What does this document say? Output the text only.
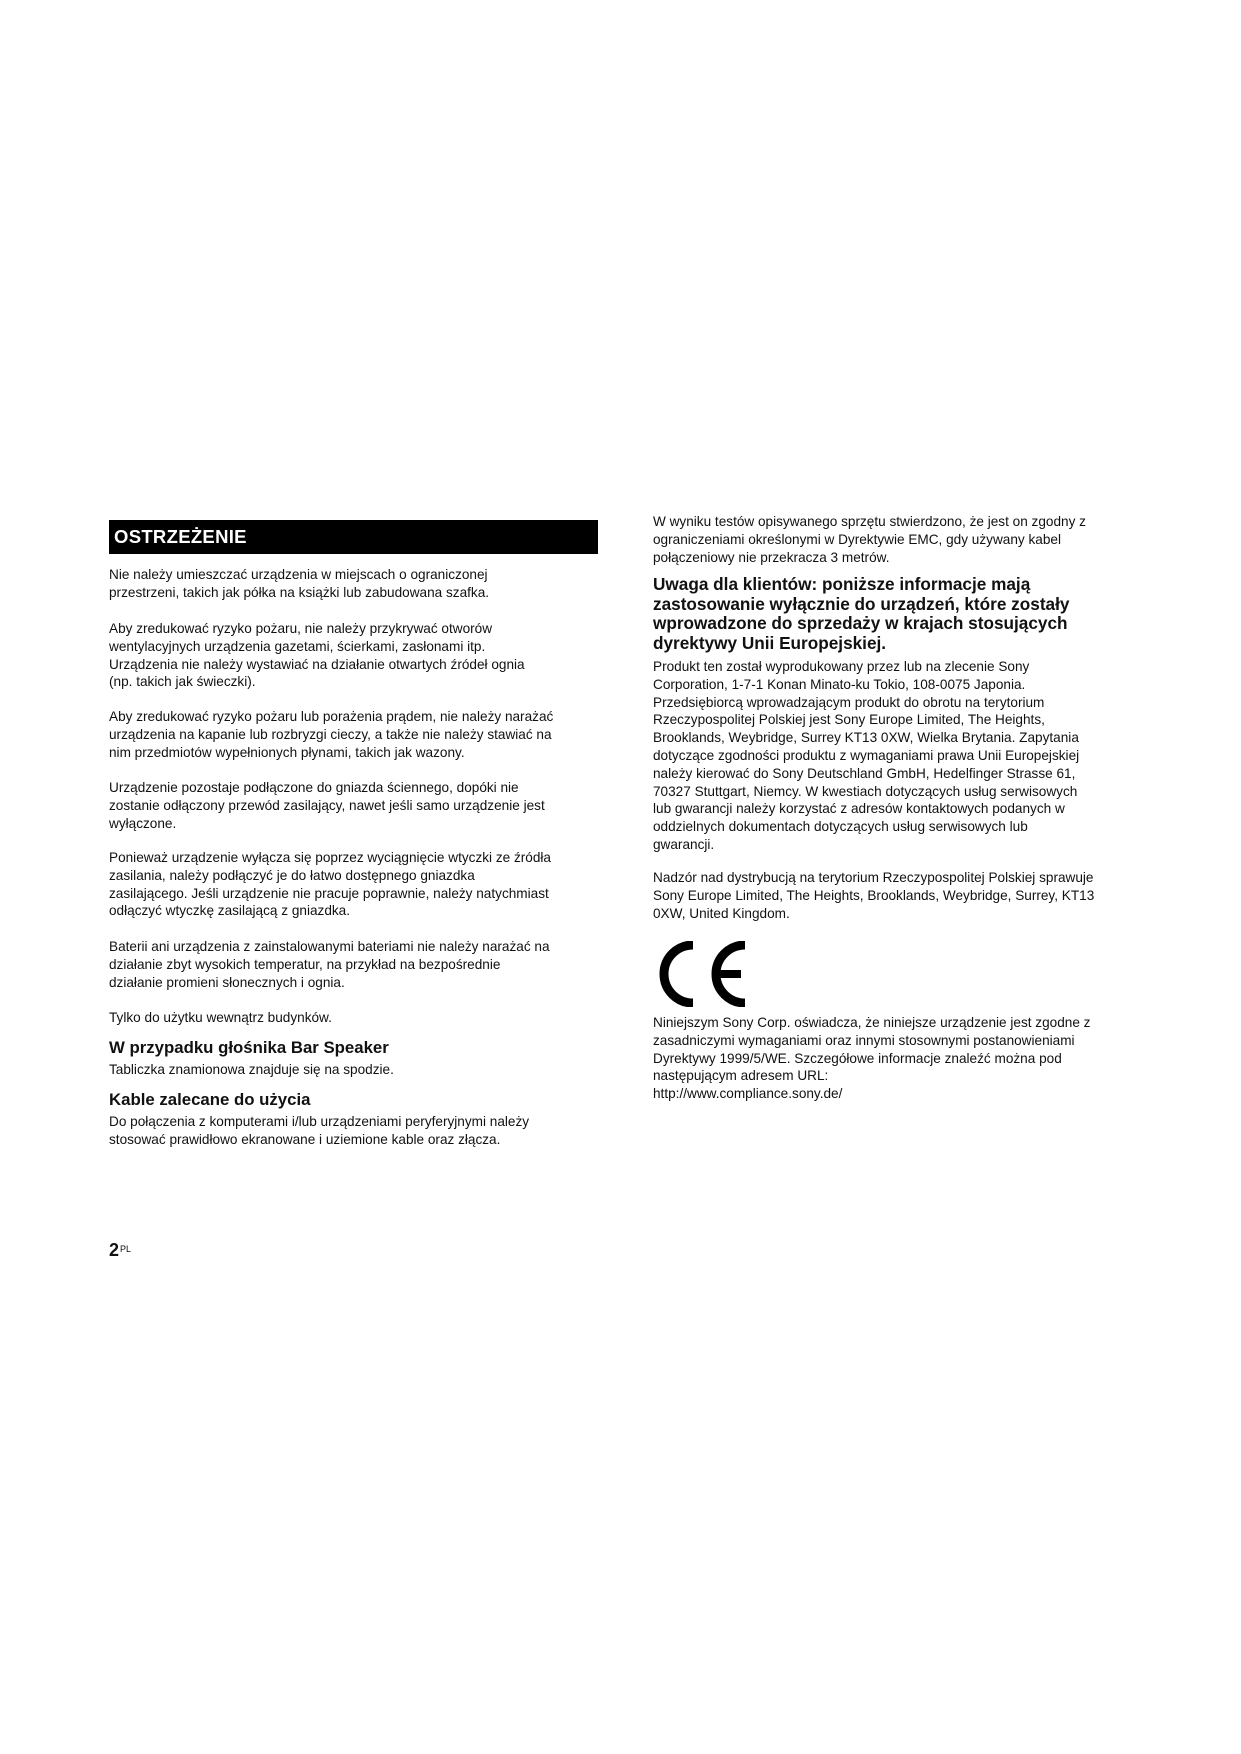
OSTRZEŻENIE

Nie należy umieszczać urządzenia w miejscach o ograniczonej
przestrzeni, takich jak półka na książki lub zabudowana szafka.

Aby zredukować ryzyko pożaru, nie należy przykrywać otworów
wentylacyjnych urządzenia gazetami, ścierkami, zasłonami itp.
Urządzenia nie należy wystawiać na działanie otwartych źródeł ognia
(np. takich jak świeczki).

Aby zredukować ryzyko pożaru lub porażenia prądem, nie należy narażać
urządzenia na kapanie lub rozbryzgi cieczy, a także nie należy stawiać na
nim przedmiotów wypełnionych płynami, takich jak wazony.

Urządzenie pozostaje podłączone do gniazda ściennego, dopóki nie
zostanie odłączony przewód zasilający, nawet jeśli samo urządzenie jest
wyłączone.

Ponieważ urządzenie wyłącza się poprzez wyciągnięcie wtyczki ze źródła
zasilania, należy podłączyć je do łatwo dostępnego gniazdka
zasilającego. Jeśli urządzenie nie pracuje poprawnie, należy natychmiast
odłączyć wtyczkę zasilającą z gniazdka.

Baterii ani urządzenia z zainstalowanymi bateriami nie należy narażać na
działanie zbyt wysokich temperatur, na przykład na bezpośrednie
działanie promieni słonecznych i ognia.

Tylko do użytku wewnątrz budynków.

W przypadku głośnika Bar Speaker

Tabliczka znamionowa znajduje się na spodzie.

Kable zalecane do użycia

Do połączenia z komputerami i/lub urządzeniami peryferyjnymi należy
stosować prawidłowo ekranowane i uziemione kable oraz złącza.

W wyniku testów opisywanego sprzętu stwierdzono, że jest on zgodny z
ograniczeniami określonymi w Dyrektywie EMC, gdy używany kabel
połączeniowy nie przekracza 3 metrów.

Uwaga dla klientów: poniższe informacje mają
zastosowanie wyłącznie do urządzeń, które zostały
wprowadzone do sprzedaży w krajach stosujących
dyrektywy Unii Europejskiej.

Produkt ten został wyprodukowany przez lub na zlecenie Sony
Corporation, 1-7-1 Konan Minato-ku Tokio, 108-0075 Japonia.
Przedsiębiorcą wprowadzającym produkt do obrotu na terytorium
Rzeczypospolitej Polskiej jest Sony Europe Limited, The Heights,
Brooklands, Weybridge, Surrey KT13 0XW, Wielka Brytania. Zapytania
dotyczące zgodności produktu z wymaganiami prawa Unii Europejskiej
należy kierować do Sony Deutschland GmbH, Hedelfinger Strasse 61,
70327 Stuttgart, Niemcy. W kwestiach dotyczących usług serwisowych
lub gwarancji należy korzystać z adresów kontaktowych podanych w
oddzielnych dokumentach dotyczących usług serwisowych lub
gwarancji.

Nadzór nad dystrybucją na terytorium Rzeczypospolitej Polskiej sprawuje
Sony Europe Limited, The Heights, Brooklands, Weybridge, Surrey, KT13
0XW, United Kingdom.

Niniejszym Sony Corp. oświadcza, że niniejsze urządzenie jest zgodne z
zasadniczymi wymaganiami oraz innymi stosownymi postanowieniami
Dyrektywy 1999/5/WE. Szczegółowe informacje znaleźć można pod
następującym adresem URL:
http://www.compliance.sony.de/

$2^{PL}$
